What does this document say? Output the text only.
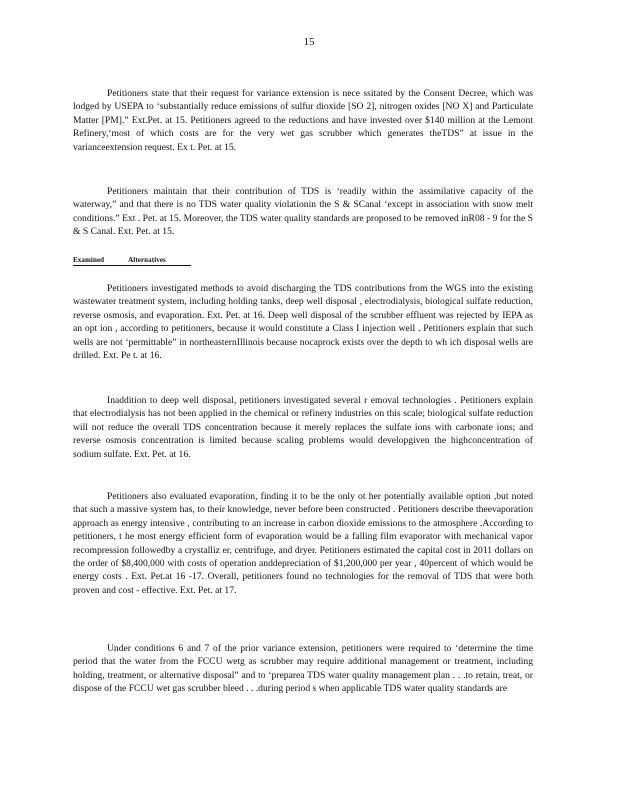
15

Petitioners state that their request for variance extension is nece ssitated by the Consent Decree, which was lodged by USEPA to ‘substantially reduce emissions of sulfur dioxide [SO 2], nitrogen oxides [NO X] and Particulate Matter [PM].” Ext.Pet. at 15. Petitioners agreed to the reductions and have invested over $140 million at the Lemont Refinery,‘most of which costs are for the very wet gas scrubber which generates theTDS” at issue in the varianceextension request. Ex t. Pet. at 15.

Petitioners maintain that their contribution of TDS is ‘readily within the assimilative capacity of the waterway,” and that there is no TDS water quality violationin the S & SCanal ‘except in association with snow melt conditions.” Ext . Pet. at 15. Moreover, the TDS water quality standards are proposed to be removed inR08 - 9 for the S & S Canal. Ext. Pet. at 15.

Examined	Alternatives

Petitioners investigated methods to avoid discharging the TDS contributions from the WGS into the existing wastewater treatment system, including holding tanks, deep well disposal , electrodialysis, biological sulfate reduction, reverse osmosis, and evaporation. Ext. Pet. at 16. Deep well disposal of the scrubber effluent was rejected by IEPA as an opt ion , according to petitioners, because it would constitute a Class I injection well . Petitioners explain that such wells are not ‘permittable” in northeasternIllinois because nocaprock exists over the depth to wh ich disposal wells are drilled. Ext. Pe t. at 16.

Inaddition to deep well disposal, petitioners investigated several r emoval technologies . Petitioners explain that electrodialysis has not been applied in the chemical or refinery industries on this scale; biological sulfate reduction will not reduce the overall TDS concentration because it merely replaces the sulfate ions with carbonate ions; and reverse osmosis concentration is limited because scaling problems would developgiven the highconcentration of sodium sulfate. Ext. Pet. at 16.

Petitioners also evaluated evaporation, finding it to be the only ot her potentially available option ,but noted that such a massive system has, to their knowledge, never before been constructed . Petitioners describe theevaporation approach as energy intensive , contributing to an increase in carbon dioxide emissions to the atmosphere .According to petitioners, t he most energy efficient form of evaporation would be a falling film evaporator with mechanical vapor recompression followedby a crystalliz er, centrifuge, and dryer. Petitioners estimated the capital cost in 2011 dollars on the order of $8,400,000 with costs of operation anddepreciation of $1,200,000 per year , 40percent of which would be energy costs . Ext. Pet.at 16 -17. Overall, petitioners found no technologies for the removal of TDS that were both proven and cost - effective. Ext. Pet. at 17.

Under conditions 6 and 7 of the prior variance extension, petitioners were required to ‘determine the time period that the water from the FCCU wetg as scrubber may require additional management or treatment, including holding, treatment, or alternative disposal” and to ‘preparea TDS water quality management plan . . .to retain, treat, or dispose of the FCCU wet gas scrubber bleed . . .during period s when applicable TDS water quality standards are
